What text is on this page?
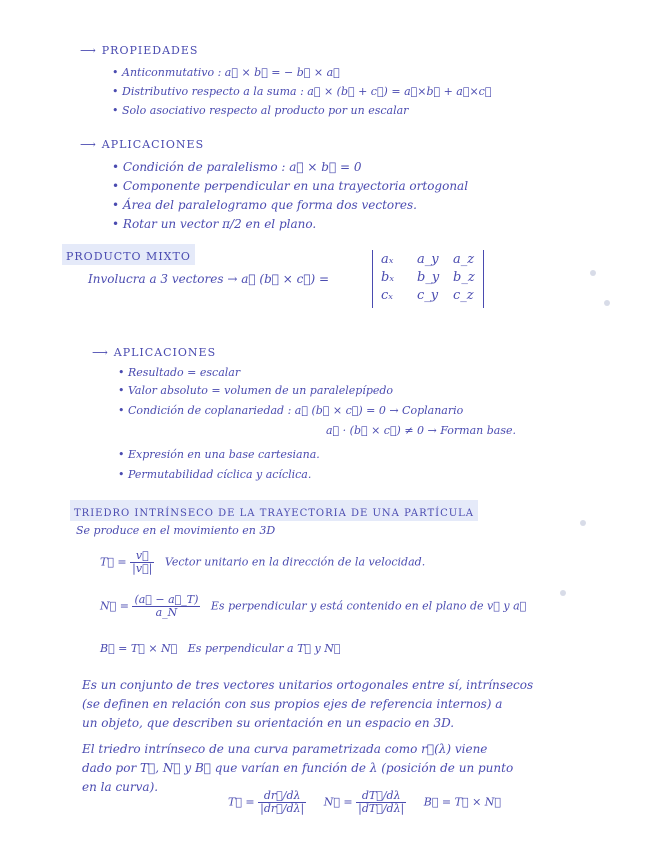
⟶ PROPIEDADES
• Anticonmutativo : a⃗ × b⃗ = − b⃗ × a⃗
• Distributivo respecto a la suma : a⃗ × (b⃗ + c⃗) = a⃗×b⃗ + a⃗×c⃗
• Solo asociativo respecto al producto por un escalar
⟶ APLICACIONES
• Condición de paralelismo : a⃗ × b⃗ = 0
• Componente perpendicular en una trayectoria ortogonal
• Área del paralelogramo que forma dos vectores.
• Rotar un vector π/2 en el plano.
PRODUCTO MIXTO
Involucra a 3 vectores → a⃗ (b⃗ × c⃗) =
aₓ a_y a_z
bₓ b_y b_z
cₓ c_y c_z
⟶ APLICACIONES
• Resultado = escalar
• Valor absoluto = volumen de un paralelepípedo
• Condición de coplanariedad : a⃗ (b⃗ × c⃗) = 0 → Coplanario
a⃗ · (b⃗ × c⃗) ≠ 0 → Forman base.
• Expresión en una base cartesiana.
• Permutabilidad cíclica y acíclica.
TRIEDRO INTRÍNSECO DE LA TRAYECTORIA DE UNA PARTÍCULA
Se produce en el movimiento en 3D
T⃗ = $\frac{v⃗}{|v⃗|}$ Vector unitario en la dirección de la velocidad.
N⃗ = $\frac{(a⃗ - a⃗\_T)}{a\_N}$ Es perpendicular y está contenido en el plano de v⃗ y a⃗
B⃗ = T⃗ × N⃗ Es perpendicular a T⃗ y N⃗
Es un conjunto de tres vectores unitarios ortogonales entre sí, intrínsecos
(se definen en relación con sus propios ejes de referencia internos) a
un objeto, que describen su orientación en un espacio en 3D.
El triedro intrínseco de una curva parametrizada como r⃗(λ) viene
dado por T⃗, N⃗ y B⃗ que varían en función de λ (posición de un punto
en la curva).
T⃗ = $\frac{dr⃗/d\lambda}{|dr⃗/d\lambda|}$ N⃗ = $\frac{dT⃗/d\lambda}{|dT⃗/d\lambda|}$ B⃗ = T⃗ × N⃗
